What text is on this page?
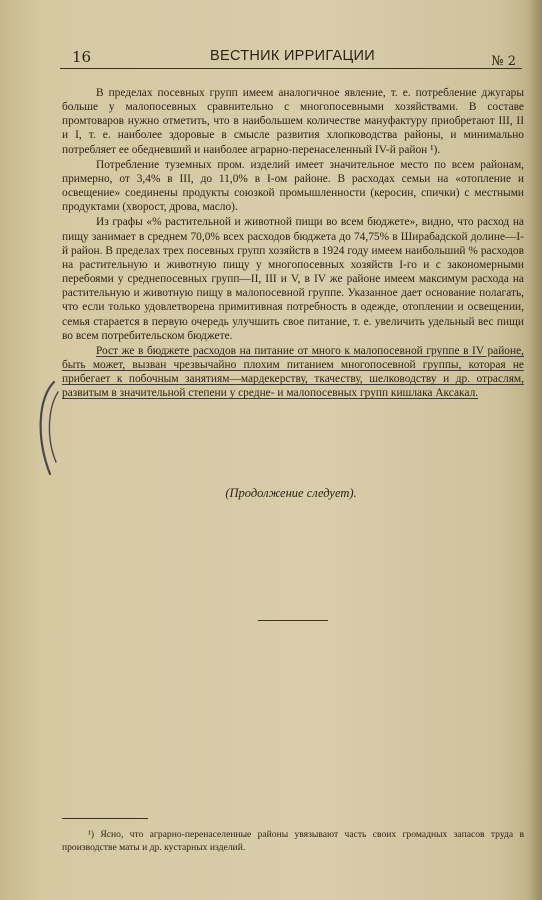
16	ВЕСТНИК ИРРИГАЦИИ	№ 2

В пределах посевных групп имеем аналогичное явление, т. е. потребление джугары больше у малопосевных сравнительно с многопосевными хозяйствами. В составе промтоваров нужно отметить, что в наибольшем количестве мануфактуру приобретают III, II и I, т. е. наиболее здоровые в смысле развития хлопководства районы, и минимально потребляет ее обедневший и наиболее аграрно-перенаселенный IV-й район ¹).

Потребление туземных пром. изделий имеет значительное место по всем районам, примерно, от 3,4% в III, до 11,0% в I-ом районе. В расходах семьи на «отопление и освещение» соединены продукты союзкой промышленности (керосин, спички) с местными продуктами (хворост, дрова, масло).

Из графы «% растительной и животной пищи во всем бюджете», видно, что расход на пищу занимает в среднем 70,0% всех расходов бюджета до 74,75% в Ширабадской долине—I-й район. В пределах трех посевных групп хозяйств в 1924 году имеем наибольший % расходов на растительную и животную пищу у многопосевных хозяйств I-го и с закономерными перебоями у среднепосевных групп—II, III и V, в IV же районе имеем максимум расхода на растительную и животную пищу в малопосевной группе. Указанное дает основание полагать, что если только удовлетворена примитивная потребность в одежде, отоплении и освещении, семья старается в первую очередь улучшить свое питание, т. е. увеличить удельный вес пищи во всем потребительском бюджете.

Рост же в бюджете расходов на питание от много к малопосевной группе в IV районе, быть может, вызван чрезвычайно плохим питанием многопосевной группы, которая не прибегает к побочным занятиям—мардекерству, ткачеству, шелководству и др. отраслям, развитым в значительной степени у средне- и малопосевных групп кишлака Аксакал.

(Продолжение следует).

¹) Ясно, что аграрно-перенаселенные районы увязывают часть своих громадных запасов труда в производстве маты и др. кустарных изделий.
